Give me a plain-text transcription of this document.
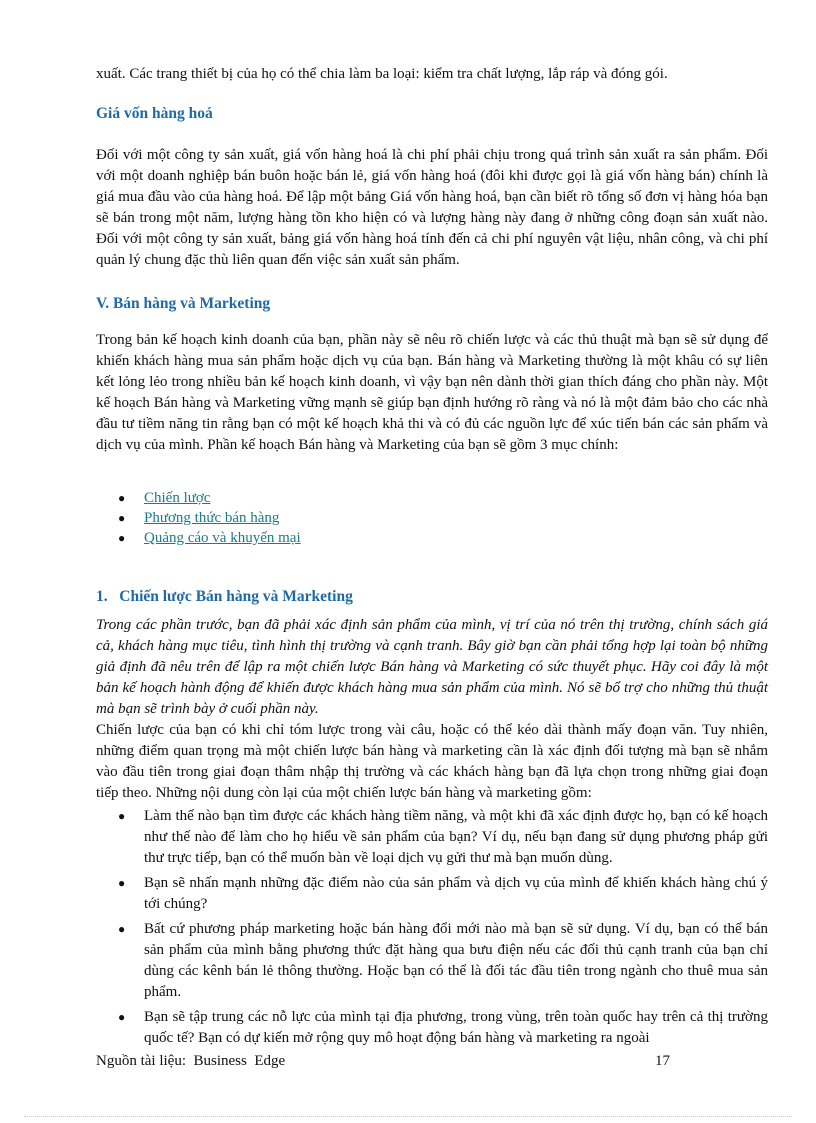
xuất. Các trang thiết bị của họ có thể chia làm ba loại: kiểm tra chất lượng, lắp ráp và đóng gói.

Giá vốn hàng hoá

Đối với một công ty sản xuất, giá vốn hàng hoá là chi phí phải chịu trong quá trình sản xuất ra sản phẩm. Đối với một doanh nghiệp bán buôn hoặc bán lẻ, giá vốn hàng hoá (đôi khi được gọi là giá vốn hàng bán) chính là giá mua đầu vào của hàng hoá. Để lập một bảng Giá vốn hàng hoá, bạn cần biết rõ tổng số đơn vị hàng hóa bạn sẽ bán trong một năm, lượng hàng tồn kho hiện có và lượng hàng này đang ở những công đoạn sản xuất nào. Đối với một công ty sản xuất, bảng giá vốn hàng hoá tính đến cả chi phí nguyên vật liệu, nhân công, và chi phí quản lý chung đặc thù liên quan đến việc sản xuất sản phẩm.

V. Bán hàng và Marketing

Trong bản kế hoạch kinh doanh của bạn, phần này sẽ nêu rõ chiến lược và các thủ thuật mà bạn sẽ sử dụng để khiến khách hàng mua sản phẩm hoặc dịch vụ của bạn. Bán hàng và Marketing thường là một khâu có sự liên kết lỏng lẻo trong nhiều bản kế hoạch kinh doanh, vì vậy bạn nên dành thời gian thích đáng cho phần này. Một kế hoạch Bán hàng và Marketing vững mạnh sẽ giúp bạn định hướng rõ ràng và nó là một đảm bảo cho các nhà đầu tư tiềm năng tin rằng bạn có một kế hoạch khả thi và có đủ các nguồn lực để xúc tiến bán các sản phẩm và dịch vụ của mình. Phần kế hoạch Bán hàng và Marketing của bạn sẽ gồm 3 mục chính:

● Chiến lược
● Phương thức bán hàng
● Quảng cáo và khuyến mại
1.   Chiến lược Bán hàng và Marketing

Trong các phần trước, bạn đã phải xác định sản phẩm của mình, vị trí của nó trên thị trường, chính sách giá cả, khách hàng mục tiêu, tình hình thị trường và cạnh tranh. Bây giờ bạn cần phải tổng hợp lại toàn bộ những giả định đã nêu trên để lập ra một chiến lược Bán hàng và Marketing có sức thuyết phục. Hãy coi đây là một bản kế hoạch hành động để khiến được khách hàng mua sản phẩm của mình. Nó sẽ bổ trợ cho những thủ thuật mà bạn sẽ trình bày ở cuối phần này.

Chiến lược của bạn có khi chỉ tóm lược trong vài câu, hoặc có thể kéo dài thành mấy đoạn văn. Tuy nhiên, những điểm quan trọng mà một chiến lược bán hàng và marketing cần là xác định đối tượng mà bạn sẽ nhắm vào đầu tiên trong giai đoạn thâm nhập thị trường và các khách hàng bạn đã lựa chọn trong những giai đoạn tiếp theo. Những nội dung còn lại của một chiến lược bán hàng và marketing gồm:

● Làm thế nào bạn tìm được các khách hàng tiềm năng, và một khi đã xác định được họ, bạn có kế hoạch như thế nào để làm cho họ hiểu về sản phẩm của bạn? Ví dụ, nếu bạn đang sử dụng phương pháp gửi thư trực tiếp, bạn có thể muốn bàn về loại dịch vụ gửi thư mà bạn muốn dùng.
● Bạn sẽ nhấn mạnh những đặc điểm nào của sản phẩm và dịch vụ của mình để khiến khách hàng chú ý tới chúng?
● Bất cứ phương pháp marketing hoặc bán hàng đổi mới nào mà bạn sẽ sử dụng. Ví dụ, bạn có thể bán sản phẩm của mình bằng phương thức đặt hàng qua bưu điện nếu các đối thủ cạnh tranh của bạn chỉ dùng các kênh bán lẻ thông thường. Hoặc bạn có thể là đối tác đầu tiên trong ngành cho thuê mua sản phẩm.
● Bạn sẽ tập trung các nỗ lực của mình tại địa phương, trong vùng, trên toàn quốc hay trên cả thị trường quốc tế? Bạn có dự kiến mở rộng quy mô hoạt động bán hàng và marketing ra ngoài
Nguồn tài liệu:  Business  Edge	17
